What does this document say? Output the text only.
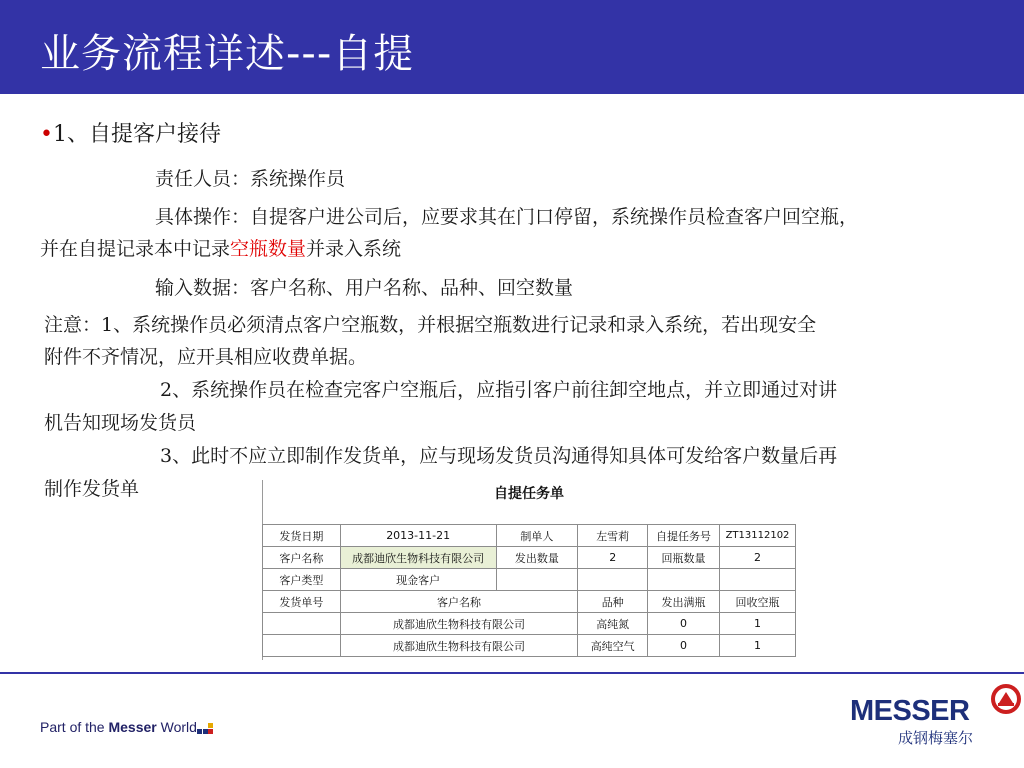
业务流程详述---自提
•1、自提客户接待
责任人员：系统操作员
具体操作：自提客户进公司后，应要求其在门口停留，系统操作员检查客户回空瓶，
并在自提记录本中记录空瓶数量并录入系统
输入数据：客户名称、用户名称、品种、回空数量
注意：1、系统操作员必须清点客户空瓶数，并根据空瓶数进行记录和录入系统，若出现安全
附件不齐情况，应开具相应收费单据。
2、系统操作员在检查完客户空瓶后，应指引客户前往卸空地点，并立即通过对讲
机告知现场发货员
3、此时不应立即制作发货单，应与现场发货员沟通得知具体可发给客户数量后再
制作发货单	自提任务单
发货日期	2013-11-21	制单人	左雪莉	自提任务号	ZT13112102
客户名称	成都迪欣生物科技有限公司	发出数量	2	回瓶数量	2
客户类型	现金客户				
发货单号	客户名称		品种	发出满瓶	回收空瓶
	成都迪欣生物科技有限公司		高纯氮	0	1
	成都迪欣生物科技有限公司		高纯空气	0	1
Part of the Messer World	MESSER
成钢梅塞尔
